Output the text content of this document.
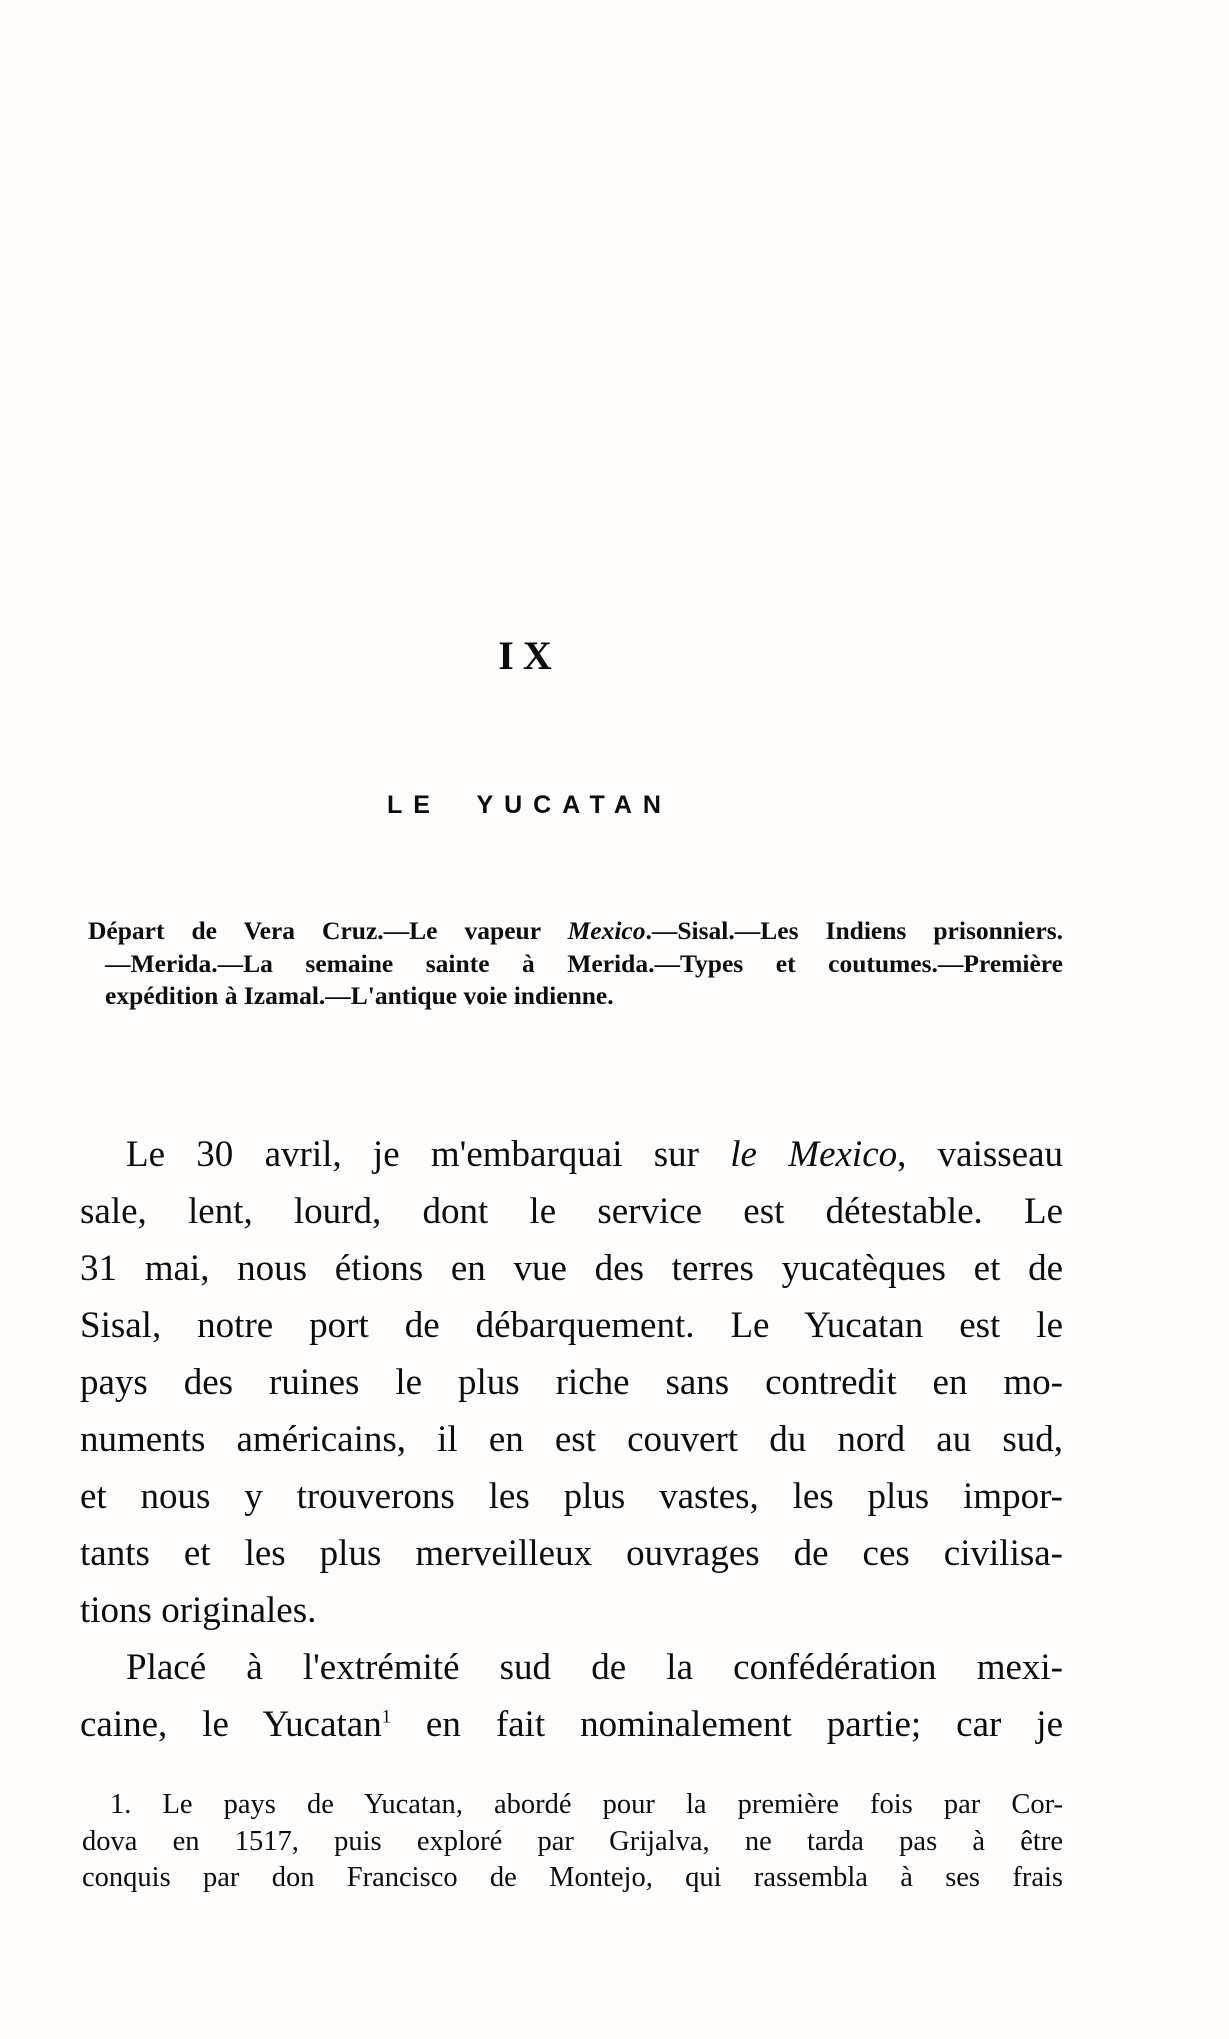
IX
LE YUCATAN
Départ de Vera Cruz.—Le vapeur Mexico.—Sisal.—Les Indiens prisonniers.
—Merida.—La semaine sainte à Merida.—Types et coutumes.—Première
expédition à Izamal.—L'antique voie indienne.
Le 30 avril, je m'embarquai sur le Mexico, vaisseau
sale, lent, lourd, dont le service est détestable. Le
31 mai, nous étions en vue des terres yucatèques et de
Sisal, notre port de débarquement. Le Yucatan est le
pays des ruines le plus riche sans contredit en mo-
numents américains, il en est couvert du nord au sud,
et nous y trouverons les plus vastes, les plus impor-
tants et les plus merveilleux ouvrages de ces civilisa-
tions originales.
Placé à l'extrémité sud de la confédération mexi-
caine, le Yucatan$^1$ en fait nominalement partie; car je
1. Le pays de Yucatan, abordé pour la première fois par Cor-
dova en 1517, puis exploré par Grijalva, ne tarda pas à être
conquis par don Francisco de Montejo, qui rassembla à ses frais
